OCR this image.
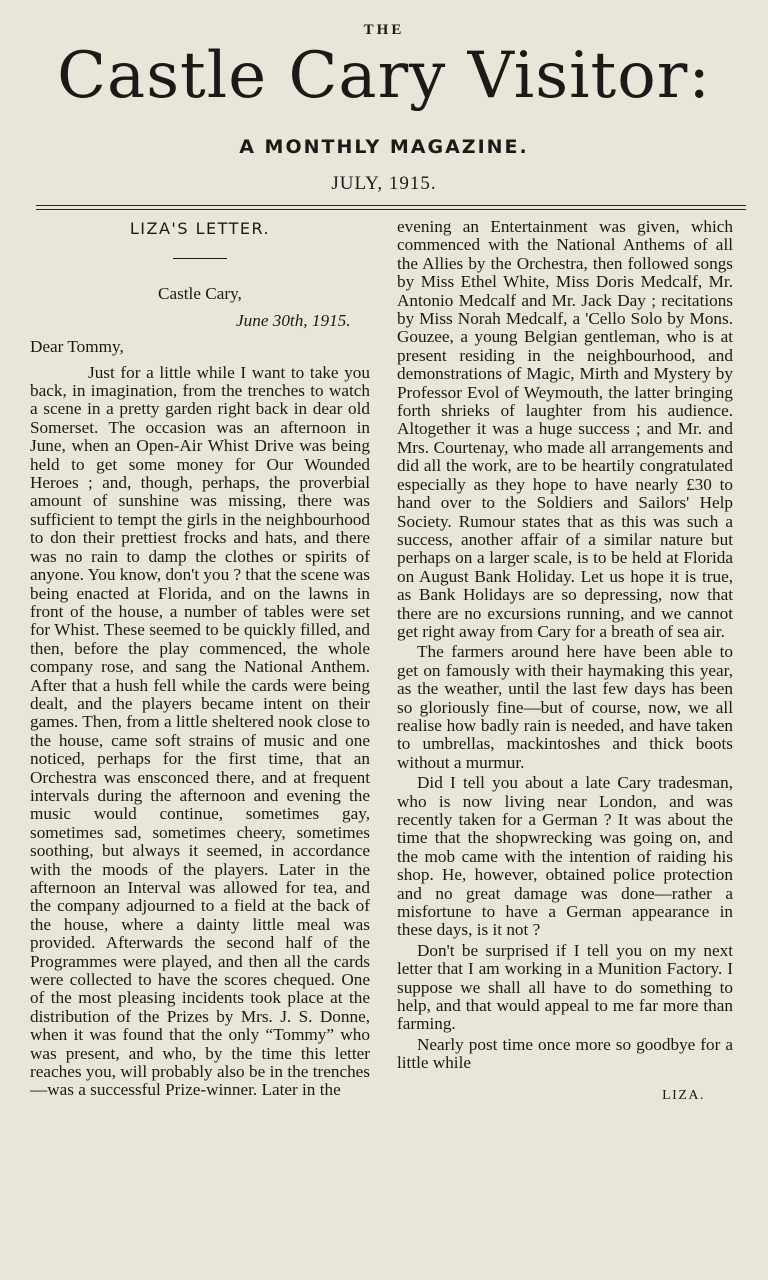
THE
Castle Cary Visitor:
A MONTHLY MAGAZINE.
JULY, 1915.
LIZA'S LETTER.
Castle Cary,
June 30th, 1915.
Dear Tommy,

Just for a little while I want to take you back, in imagination, from the trenches to watch a scene in a pretty garden right back in dear old Somerset. The occasion was an afternoon in June, when an Open-Air Whist Drive was being held to get some money for Our Wounded Heroes ; and, though, perhaps, the proverbial amount of sunshine was missing, there was sufficient to tempt the girls in the neighbourhood to don their prettiest frocks and hats, and there was no rain to damp the clothes or spirits of anyone. You know, don't you ? that the scene was being enacted at Florida, and on the lawns in front of the house, a number of tables were set for Whist. These seemed to be quickly filled, and then, before the play commenced, the whole company rose, and sang the National Anthem. After that a hush fell while the cards were being dealt, and the players became intent on their games. Then, from a little sheltered nook close to the house, came soft strains of music and one noticed, perhaps for the first time, that an Orchestra was ensconced there, and at frequent intervals during the afternoon and evening the music would continue, sometimes gay, sometimes sad, sometimes cheery, sometimes soothing, but always it seemed, in accordance with the moods of the players. Later in the afternoon an Interval was allowed for tea, and the company adjourned to a field at the back of the house, where a dainty little meal was provided. Afterwards the second half of the Programmes were played, and then all the cards were collected to have the scores chequed. One of the most pleasing incidents took place at the distribution of the Prizes by Mrs. J. S. Donne, when it was found that the only “Tommy” who was present, and who, by the time this letter reaches you, will probably also be in the trenches—was a successful Prize-winner. Later in the

evening an Entertainment was given, which commenced with the National Anthems of all the Allies by the Orchestra, then followed songs by Miss Ethel White, Miss Doris Medcalf, Mr. Antonio Medcalf and Mr. Jack Day ; recitations by Miss Norah Medcalf, a 'Cello Solo by Mons. Gouzee, a young Belgian gentleman, who is at present residing in the neighbourhood, and demonstrations of Magic, Mirth and Mystery by Professor Evol of Weymouth, the latter bringing forth shrieks of laughter from his audience. Altogether it was a huge success ; and Mr. and Mrs. Courtenay, who made all arrangements and did all the work, are to be heartily congratulated especially as they hope to have nearly £30 to hand over to the Soldiers and Sailors' Help Society. Rumour states that as this was such a success, another affair of a similar nature but perhaps on a larger scale, is to be held at Florida on August Bank Holiday. Let us hope it is true, as Bank Holidays are so depressing, now that there are no excursions running, and we cannot get right away from Cary for a breath of sea air.

The farmers around here have been able to get on famously with their haymaking this year, as the weather, until the last few days has been so gloriously fine—but of course, now, we all realise how badly rain is needed, and have taken to umbrellas, mackintoshes and thick boots without a murmur.

Did I tell you about a late Cary tradesman, who is now living near London, and was recently taken for a German ? It was about the time that the shopwrecking was going on, and the mob came with the intention of raiding his shop. He, however, obtained police protection and no great damage was done—rather a misfortune to have a German appearance in these days, is it not ?

Don't be surprised if I tell you on my next letter that I am working in a Munition Factory. I suppose we shall all have to do something to help, and that would appeal to me far more than farming.

Nearly post time once more so goodbye for a little while

LIZA.
